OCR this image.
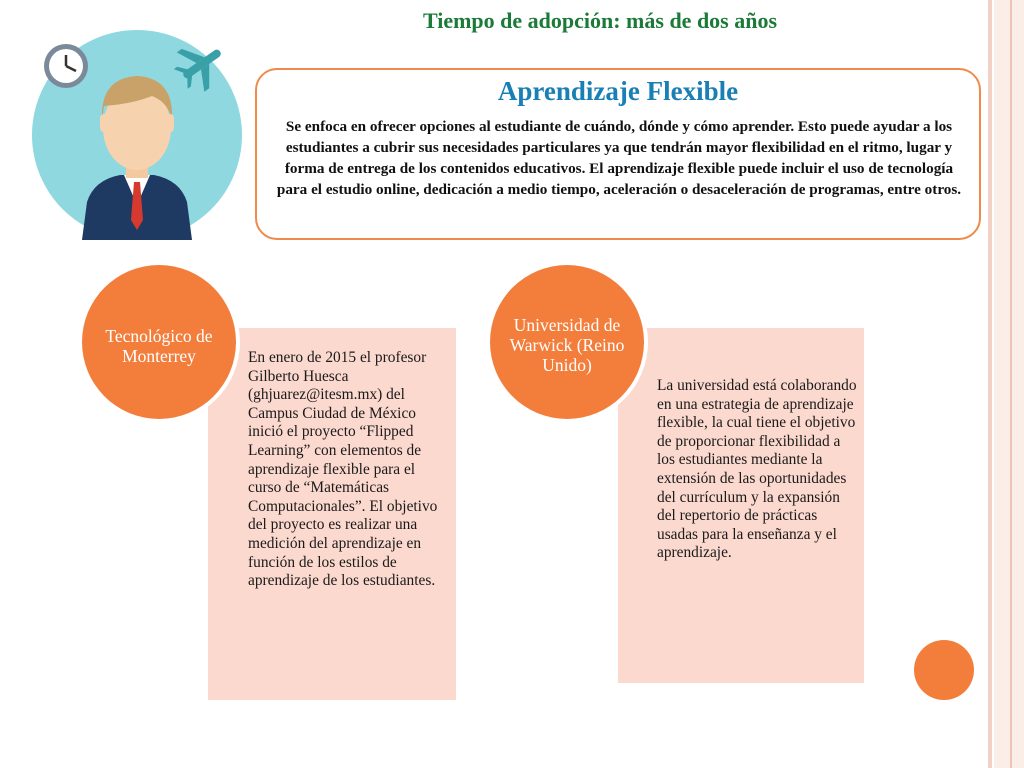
Tiempo de adopción: más de dos años
Aprendizaje Flexible
Se enfoca en ofrecer opciones al estudiante de cuándo, dónde y cómo aprender. Esto puede ayudar a los estudiantes a cubrir sus necesidades particulares ya que tendrán mayor flexibilidad en el ritmo, lugar y forma de entrega de los contenidos educativos. El aprendizaje flexible puede incluir el uso de tecnología para el estudio online, dedicación a medio tiempo, aceleración o desaceleración de programas, entre otros.
En enero de 2015 el profesor Gilberto Huesca (ghjuarez@itesm.mx) del Campus Ciudad de México inició el proyecto “Flipped Learning” con elementos de aprendizaje flexible para el curso de “Matemáticas Computacionales”. El objetivo del proyecto es realizar una medición del aprendizaje en función de los estilos de aprendizaje de los estudiantes.
Tecnológico de Monterrey
La universidad está colaborando en una estrategia de aprendizaje flexible, la cual tiene el objetivo de proporcionar flexibilidad a los estudiantes mediante la extensión de las oportunidades del currículum y la expansión del repertorio de prácticas usadas para la enseñanza y el aprendizaje.
Universidad de Warwick (Reino Unido)
